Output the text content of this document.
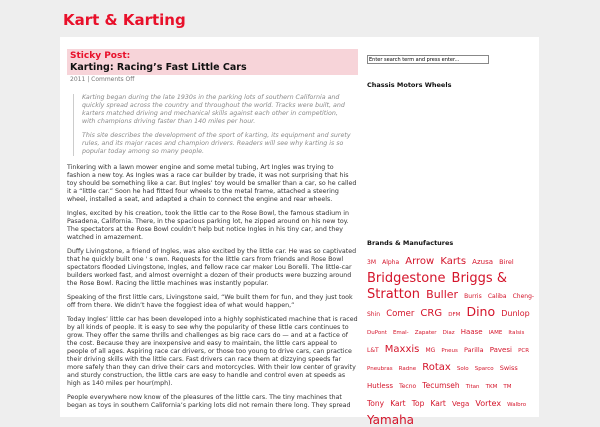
Kart & Karting
Sticky Post:
Karting: Racing’s Fast Little Cars
2011 | Comments Off

Karting began during the late 1930s in the parking lots of southern California and quickly spread across the country and throughout the world. Tracks were built, and karters matched driving and mechanical skills against each other in competition, with champions driving faster than 140 miles per hour.

This site describes the development of the sport of karting, its equipment and surety rules, and its major races and champion drivers. Readers will see why karting is so popular today among so many people.

Tinkering with a lawn mower engine and some metal tubing, Art Ingles was trying to fashion a new toy. As Ingles was a race car builder by trade, it was not surprising that his toy should be something like a car. But Ingles’ toy would be smaller than a car, so he called it a “little car.” Soon he had fitted four wheels to the metal frame, attached a steering wheel, installed a seat, and adapted a chain to connect the engine and rear wheels.

Ingles, excited by his creation, took the little car to the Rose Bowl, the famous stadium in Pasadena, California. There, in the spacious parking lot, he zipped around on his new toy. The spectators at the Rose Bowl couldn’t help but notice Ingles in his tiny car, and they watched in amazement.

Duffy Livingstone, a friend of Ingles, was also excited by the little car. He was so captivated that he quickly built one ' s own. Requests for the little cars from friends and Rose Bowl spectators flooded Livingstone, Ingles, and fellow race car maker Lou Borelli. The little-car builders worked fast, and almost overnight a dozen of their products were buzzing around the Rose Bowl. Racing the little machines was instantly popular.

Speaking of the first little cars, Livingstone said, “We built them for fun, and they just took off from there. We didn’t have the foggiest idea of what would happen,”

Today Ingles’ little car has been developed into a highly sophisticated machine that is raced by all kinds of people. It is easy to see why the popularity of these little cars continues to grow. They offer the same thrills and challenges as big race cars do — and at a factice of the cost. Because they are inexpensive and easy to maintain, the little cars appeal to people of all ages. Aspiring race car drivers, or those too young to drive cars, can practice their driving skills with the little cars. Fast drivers can race them at dizzying speeds far more safely than they can drive their cars and motorcycles. With their low center of gravity and sturdy construction, the little cars are easy to handle and control even at speeds as high as 140 miles per hour(mph).

People everywhere now know of the pleasures of the little cars. The tiny machines that began as toys in southern California’s parking lots did not remain there long. They spread

Enter search term and press enter...
Chassis Motors Wheels
Brands & Manufactures
3M Alpha Arrow Karts Azusa Birel Bridgestone Briggs & Stratton Buller Burris Caliba Cheng-Shin Comer CRG DFM Dino Dunlop DuPont Emal- Zapater Diaz Haase IAME Italsis L&T Maxxis MG Pneus Parilla Pavesi PCR Pneubras Radne Rotax Solo Sparco Swiss Hutless Tecno Tecumseh Titan TKM TM Tony Kart Top Kart Vega Vortex Walbro Yamaha
